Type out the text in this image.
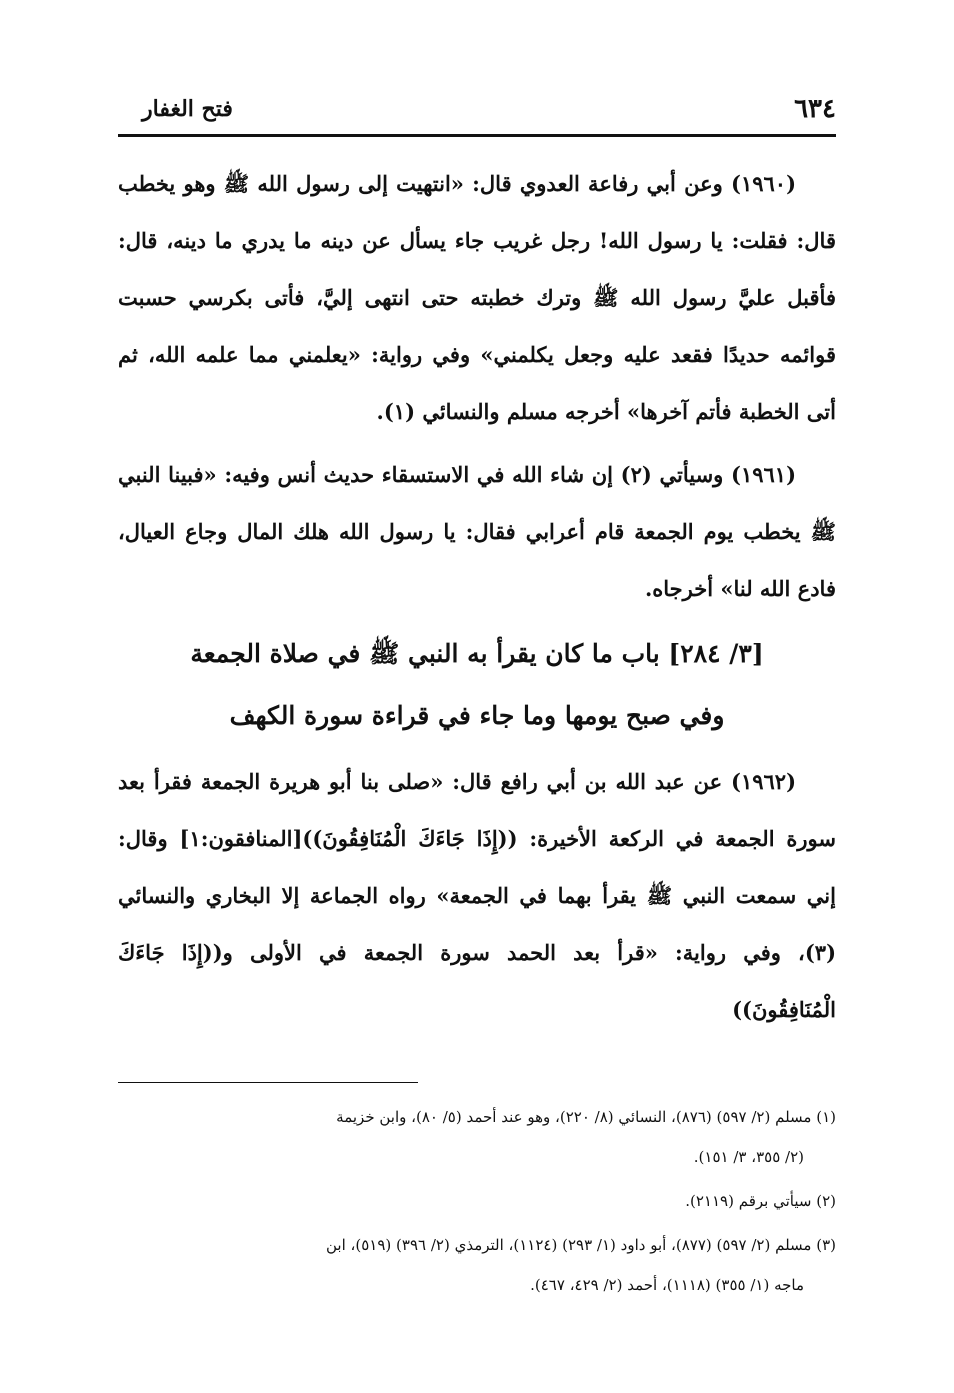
٦٣٤
فتح الغفار

(١٩٦٠) وعن أبي رفاعة العدوي قال: «انتهيت إلى رسول الله ﷺ وهو يخطب قال: فقلت: يا رسول الله! رجل غريب جاء يسأل عن دينه ما يدري ما دينه، قال: فأقبل عليَّ رسول الله ﷺ وترك خطبته حتى انتهى إليَّ، فأتى بكرسي حسبت قوائمه حديدًا فقعد عليه وجعل يكلمني» وفي رواية: «يعلمني مما علمه الله، ثم أتى الخطبة فأتم آخرها» أخرجه مسلم والنسائي (١).

(١٩٦١) وسيأتي (٢) إن شاء الله في الاستسقاء حديث أنس وفيه: «فبينا النبي ﷺ يخطب يوم الجمعة قام أعرابي فقال: يا رسول الله هلك المال وجاع العيال، فادع الله لنا» أخرجاه.

[٣/ ٢٨٤] باب ما كان يقرأ به النبي ﷺ في صلاة الجمعة
وفي صبح يومها وما جاء في قراءة سورة الكهف

(١٩٦٢) عن عبد الله بن أبي رافع قال: «صلى بنا أبو هريرة الجمعة فقرأ بعد سورة الجمعة في الركعة الأخيرة: ((إِذَا جَاءَكَ الْمُنَافِقُونَ))[المنافقون:١] وقال: إني سمعت النبي ﷺ يقرأ بهما في الجمعة» رواه الجماعة إلا البخاري والنسائي (٣)، وفي رواية: «قرأ بعد الحمد سورة الجمعة في الأولى و((إِذَا جَاءَكَ الْمُنَافِقُونَ))

(١) مسلم (٢/ ٥٩٧) (٨٧٦)، النسائي (٨/ ٢٢٠)، وهو عند أحمد (٥/ ٨٠)، وابن خزيمة
(٢/ ٣٥٥، ٣/ ١٥١).
(٢) سيأتي برقم (٢١١٩).
(٣) مسلم (٢/ ٥٩٧) (٨٧٧)، أبو داود (١/ ٢٩٣) (١١٢٤)، الترمذي (٢/ ٣٩٦) (٥١٩)، ابن
ماجه (١/ ٣٥٥) (١١١٨)، أحمد (٢/ ٤٢٩، ٤٦٧).
